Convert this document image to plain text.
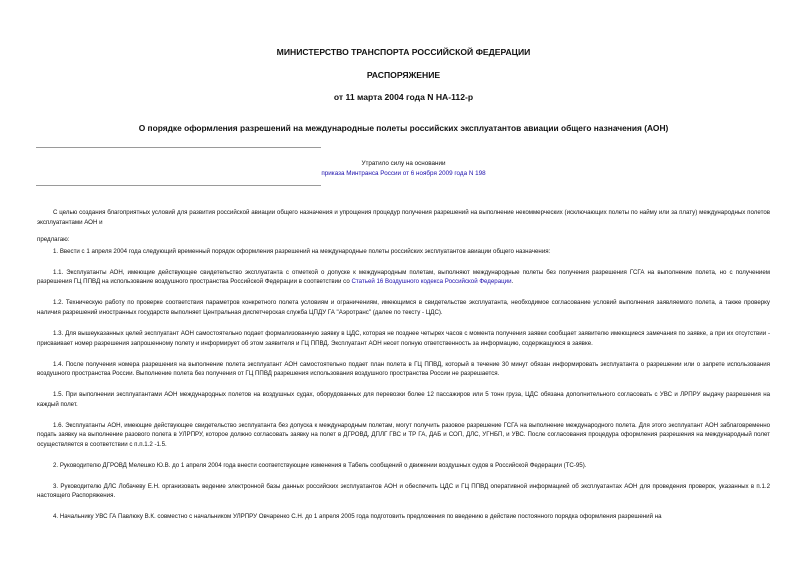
МИНИСТЕРСТВО ТРАНСПОРТА РОССИЙСКОЙ ФЕДЕРАЦИИ
РАСПОРЯЖЕНИЕ
от 11 марта 2004 года N НА-112-р
О порядке оформления разрешений на международные полеты российских эксплуатантов авиации общего назначения (АОН)
Утратило силу на основании
приказа Минтранса России от 6 ноября 2009 года N 198

С целью создания благоприятных условий для развития российской авиации общего назначения и упрощения процедур получения разрешений на выполнение некоммерческих (исключающих полеты по найму или за плату) международных полетов эксплуатантами АОН и

предлагаю:

1. Ввести с 1 апреля 2004 года следующий временный порядок оформления разрешений на международные полеты российских эксплуатантов авиации общего назначения:

1.1. Эксплуатанты АОН, имеющие действующее свидетельство эксплуатанта с отметкой о допуске к международным полетам, выполняют международные полеты без получения разрешения ГСГА на выполнение полета, но с получением разрешения ГЦ ППВД на использование воздушного пространства Российской Федерации в соответствии со Статьей 16 Воздушного кодекса Российской Федерации.

1.2. Техническую работу по проверке соответствия параметров конкретного полета условиям и ограничениям, имеющимся в свидетельстве эксплуатанта, необходимое согласование условий выполнения заявляемого полета, а также проверку наличия разрешений иностранных государств выполняет Центральная диспетчерская служба ЦПДУ ГА "Аэротранс" (далее по тексту - ЦДС).

1.3. Для вышеуказанных целей эксплуатант АОН самостоятельно подает формализованную заявку в ЦДС, которая не позднее четырех часов с момента получения заявки сообщает заявителю имеющиеся замечания по заявке, а при их отсутствии - присваивает номер разрешения запрошенному полету и информирует об этом заявителя и ГЦ ППВД. Эксплуатант АОН несет полную ответственность за информацию, содержащуюся в заявке.

1.4. После получения номера разрешения на выполнение полета эксплуатант АОН самостоятельно подает план полета в ГЦ ППВД, который в течение 30 минут обязан информировать эксплуатанта о разрешении или о запрете использования воздушного пространства России. Выполнение полета без получения от ГЦ ППВД разрешения использования воздушного пространства России не разрешается.

1.5. При выполнении эксплуатантами АОН международных полетов на воздушных судах, оборудованных для перевозки более 12 пассажиров или 5 тонн груза, ЦДС обязана дополнительного согласовать с УВС и ЛРПРУ выдачу разрешения на каждый полет.

1.6. Эксплуатанты АОН, имеющие действующее свидетельство эксплуатанта без допуска к международным полетам, могут получить разовое разрешение ГСГА на выполнение международного полета. Для этого эксплуатант АОН заблаговременно подать заявку на выполнение разового полета в УЛРПРУ, которое должно согласовать заявку на полет в ДГРОВД, ДПЛГ ГВС и ТР ГА, ДАБ и СОП, ДЛС, УГНБП, и УВС. После согласования процедура оформления разрешения на международный полет осуществляется в соответствии с п.п.1.2 -1.5.

2. Руководителю ДГРОВД Мелешко Ю.В. до 1 апреля 2004 года внести соответствующие изменения в Табель сообщений о движении воздушных судов в Российской Федерации (ТС-95).

3. Руководителю ДЛС Лобачеву Е.Н. организовать ведение электронной базы данных российских эксплуатантов АОН и обеспечить ЦДС и ГЦ ППВД оперативной информацией об эксплуатантах АОН для проведения проверок, указанных в п.1.2 настоящего Распоряжения.

4. Начальнику УВС ГА Павлюку В.К. совместно с начальником УЛРПРУ Овчаренко С.Н. до 1 апреля 2005 года подготовить предложения по введению в действие постоянного порядка оформления разрешений на
